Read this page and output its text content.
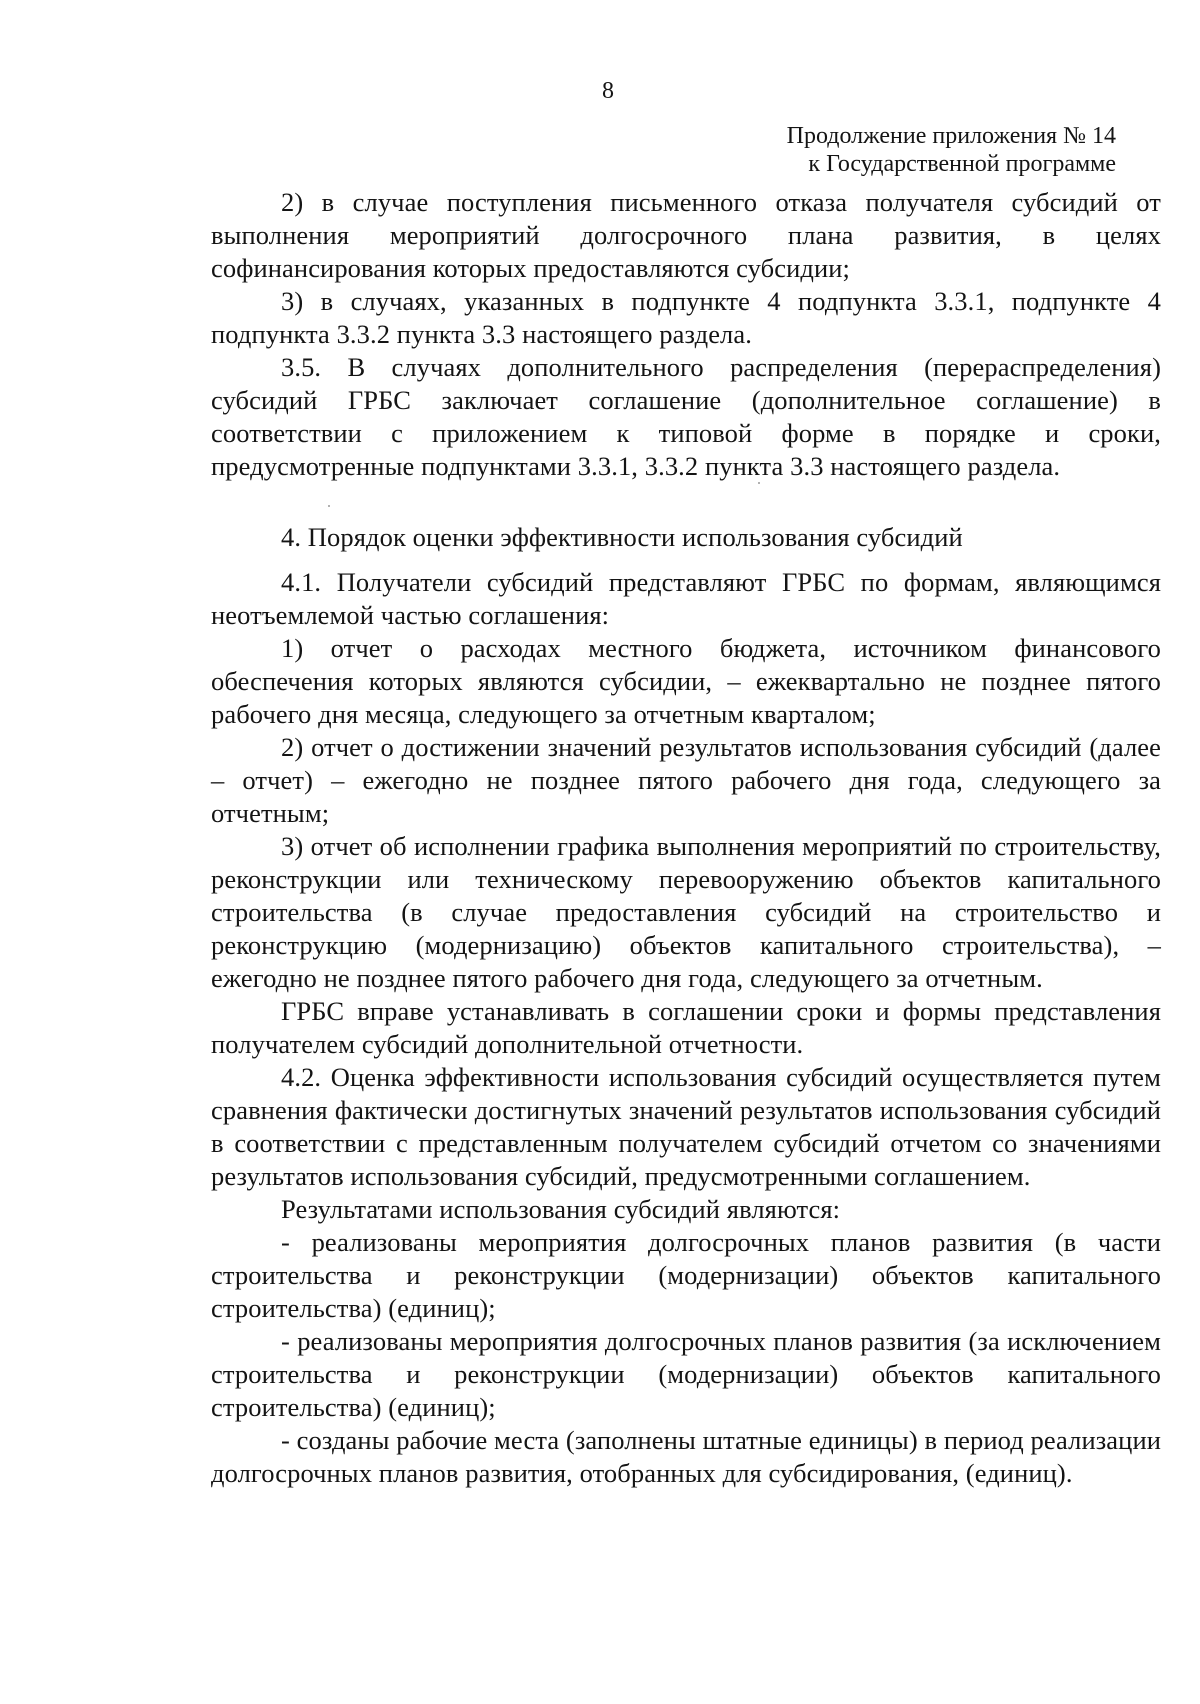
8
Продолжение приложения № 14
к Государственной программе

2) в случае поступления письменного отказа получателя субсидий от выполнения мероприятий долгосрочного плана развития, в целях софинансирования которых предоставляются субсидии;

3) в случаях, указанных в подпункте 4 подпункта 3.3.1, подпункте 4 подпункта 3.3.2 пункта 3.3 настоящего раздела.

3.5. В случаях дополнительного распределения (перераспределения) субсидий ГРБС заключает соглашение (дополнительное соглашение) в соответствии с приложением к типовой форме в порядке и сроки, предусмотренные подпунктами 3.3.1, 3.3.2 пункта 3.3 настоящего раздела.

4. Порядок оценки эффективности использования субсидий

4.1. Получатели субсидий представляют ГРБС по формам, являющимся неотъемлемой частью соглашения:

1) отчет о расходах местного бюджета, источником финансового обеспечения которых являются субсидии, – ежеквартально не позднее пятого рабочего дня месяца, следующего за отчетным кварталом;

2) отчет о достижении значений результатов использования субсидий (далее – отчет) – ежегодно не позднее пятого рабочего дня года, следующего за отчетным;

3) отчет об исполнении графика выполнения мероприятий по строительству, реконструкции или техническому перевооружению объектов капитального строительства (в случае предоставления субсидий на строительство и реконструкцию (модернизацию) объектов капитального строительства), – ежегодно не позднее пятого рабочего дня года, следующего за отчетным.

ГРБС вправе устанавливать в соглашении сроки и формы представления получателем субсидий дополнительной отчетности.

4.2. Оценка эффективности использования субсидий осуществляется путем сравнения фактически достигнутых значений результатов использования субсидий в соответствии с представленным получателем субсидий отчетом со значениями результатов использования субсидий, предусмотренными соглашением.

Результатами использования субсидий являются:

- реализованы мероприятия долгосрочных планов развития (в части строительства и реконструкции (модернизации) объектов капитального строительства) (единиц);

- реализованы мероприятия долгосрочных планов развития (за исключением строительства и реконструкции (модернизации) объектов капитального строительства) (единиц);

- созданы рабочие места (заполнены штатные единицы) в период реализации долгосрочных планов развития, отобранных для субсидирования, (единиц).
